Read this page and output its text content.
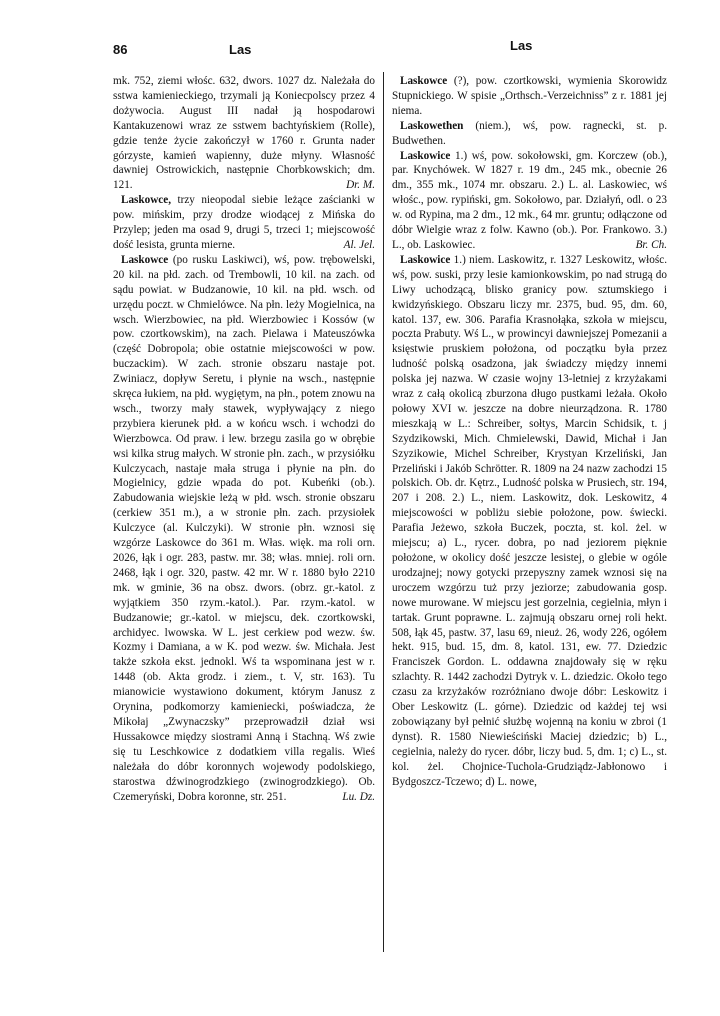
86	Las	Las

mk. 752, ziemi włośc. 632, dwors. 1027 dz. Należała do sstwa kamienieckiego, trzymali ją Koniecpolscy przez 4 dożywocia. August III nadał ją hospodarowi Kantakuzenowi wraz ze sstwem bachtyńskiem (Rolle), gdzie tenże życie zakończył w 1760 r. Grunta nader górzyste, kamień wapienny, duże młyny. Własność dawniej Ostrowickich, następnie Chorbkowskich; dm. 121.	Dr. M.

Laskowce, trzy nieopodal siebie leżące zaścianki w pow. mińskim, przy drodze wiodącej z Mińska do Przylep; jeden ma osad 9, drugi 5, trzeci 1; miejscowość dość lesista, grunta mierne.	Al. Jel.

Laskowce (po rusku Laskiwci), wś, pow. trębowelski, 20 kil. na płd. zach. od Trembowli, 10 kil. na zach. od sądu powiat. w Budzanowie, 10 kil. na płd. wsch. od urzędu poczt. w Chmielówce. Na płn. leży Mogielnica, na wsch. Wierzbowiec, na płd. Wierzbowiec i Kossów (w pow. czortkowskim), na zach. Pielawa i Mateuszówka (część Dobropola; obie ostatnie miejscowości w pow. buczackim). W zach. stronie obszaru nastaje pot. Zwiniacz, dopływ Seretu, i płynie na wsch., następnie skręca łukiem, na płd. wygiętym, na płn., potem znowu na wsch., tworzy mały stawek, wypływający z niego przybiera kierunek płd. a w końcu wsch. i wchodzi do Wierzbowca. Od praw. i lew. brzegu zasila go w obrębie wsi kilka strug małych. W stronie płn. zach., w przysiółku Kulczycach, nastaje mała struga i płynie na płn. do Mogielnicy, gdzie wpada do pot. Kubeńki (ob.). Zabudowania wiejskie leżą w płd. wsch. stronie obszaru (cerkiew 351 m.), a w stronie płn. zach. przysiołek Kulczyce (al. Kulczyki). W stronie płn. wznosi się wzgórze Laskowce do 361 m. Włas. więk. ma roli orn. 2026, łąk i ogr. 283, pastw. mr. 38; włas. mniej. roli orn. 2468, łąk i ogr. 320, pastw. 42 mr. W r. 1880 było 2210 mk. w gminie, 36 na obsz. dwors. (obrz. gr.-katol. z wyjątkiem 350 rzym.-katol.). Par. rzym.-katol. w Budzanowie; gr.-katol. w miejscu, dek. czortkowski, archidyec. lwowska. W L. jest cerkiew pod wezw. św. Kozmy i Damiana, a w K. pod wezw. św. Michała. Jest także szkoła ekst. jednokl. Wś ta wspominana jest w r. 1448 (ob. Akta grodz. i ziem., t. V, str. 163). Tu mianowicie wystawiono dokument, którym Janusz z Orynina, podkomorzy kamieniecki, poświadcza, że Mikołaj „Zwynaczsky” przeprowadził dział wsi Hussakowce między siostrami Anną i Stachną. Wś zwie się tu Leschkowice z dodatkiem villa regalis. Wieś należała do dóbr koronnych wojewody podolskiego, starostwa dźwinogrodzkiego (zwinogrodzkiego). Ob. Czemeryński, Dobra koronne, str. 251.	Lu. Dz.

Laskowce (?), pow. czortkowski, wymienia Skorowidz Stupnickiego. W spisie „Orthsch.-Verzeichniss” z r. 1881 jej niema.

Laskowethen (niem.), wś, pow. ragnecki, st. p. Budwethen.

Laskowice 1.) wś, pow. sokołowski, gm. Korczew (ob.), par. Knychówek. W 1827 r. 19 dm., 245 mk., obecnie 26 dm., 355 mk., 1074 mr. obszaru. 2.) L. al. Laskowiec, wś włośc., pow. rypiński, gm. Sokołowo, par. Działyń, odl. o 23 w. od Rypina, ma 2 dm., 12 mk., 64 mr. gruntu; odłączone od dóbr Wielgie wraz z folw. Kawno (ob.). Por. Frankowo. 3.) L., ob. Laskowiec.	Br. Ch.

Laskowice 1.) niem. Laskowitz, r. 1327 Leskowitz, włośc. wś, pow. suski, przy lesie kamionkowskim, po nad strugą do Liwy uchodzącą, blisko granicy pow. sztumskiego i kwidzyńskiego. Obszaru liczy mr. 2375, bud. 95, dm. 60, katol. 137, ew. 306. Parafia Krasnołąka, szkoła w miejscu, poczta Prabuty. Wś L., w prowincyi dawniejszej Pomezanii a księstwie pruskiem położona, od początku była przez ludność polską osadzona, jak świadczy między innemi polska jej nazwa. W czasie wojny 13-letniej z krzyżakami wraz z całą okolicą zburzona długo pustkami leżała. Około połowy XVI w. jeszcze na dobre nieurządzona. R. 1780 mieszkają w L.: Schreiber, sołtys, Marcin Schidsik, t. j Szydzikowski, Mich. Chmielewski, Dawid, Michał i Jan Szyzikowie, Michel Schreiber, Krystyan Krzeliński, Jan Przeliński i Jakób Schrötter. R. 1809 na 24 nazw zachodzi 15 polskich. Ob. dr. Kętrz., Ludność polska w Prusiech, str. 194, 207 i 208. 2.) L., niem. Laskowitz, dok. Leskowitz, 4 miejscowości w pobliżu siebie położone, pow. świecki. Parafia Jeżewo, szkoła Buczek, poczta, st. kol. żel. w miejscu; a) L., rycer. dobra, po nad jeziorem pięknie położone, w okolicy dość jeszcze lesistej, o glebie w ogóle urodzajnej; nowy gotycki przepyszny zamek wznosi się na uroczem wzgórzu tuż przy jeziorze; zabudowania gosp. nowe murowane. W miejscu jest gorzelnia, cegielnia, młyn i tartak. Grunt poprawne. L. zajmują obszaru ornej roli hekt. 508, łąk 45, pastw. 37, lasu 69, nieuż. 26, wody 226, ogółem hekt. 915, bud. 15, dm. 8, katol. 131, ew. 77. Dziedzic Franciszek Gordon. L. oddawna znajdowały się w ręku szlachty. R. 1442 zachodzi Dytryk v. L. dziedzic. Około tego czasu za krzyżaków rozróżniano dwoje dóbr: Leskowitz i Ober Leskowitz (L. górne). Dziedzic od każdej tej wsi zobowiązany był pełnić służbę wojenną na koniu w zbroi (1 dynst). R. 1580 Niewieściński Maciej dziedzic; b) L., cegielnia, należy do rycer. dóbr, liczy bud. 5, dm. 1; c) L., st. kol. żel. Chojnice-Tuchola-Grudziądz-Jabłonowo i Bydgoszcz-Tczewo; d) L. nowe,
